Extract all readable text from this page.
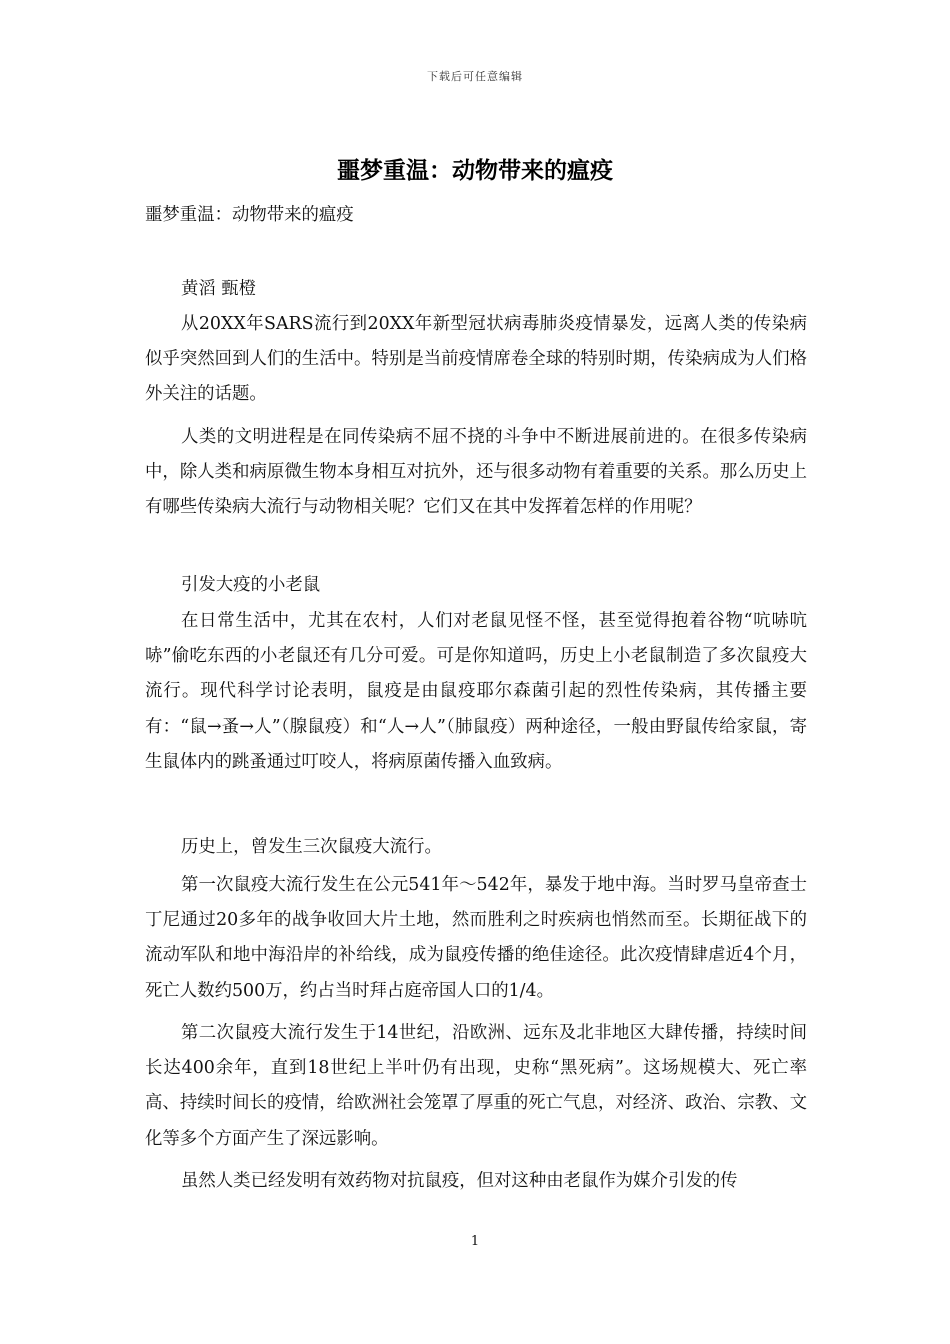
下载后可任意编辑
噩梦重温：动物带来的瘟疫
噩梦重温：动物带来的瘟疫

黄滔 甄橙

从20XX年SARS流行到20XX年新型冠状病毒肺炎疫情暴发，远离人类的传染病似乎突然回到人们的生活中。特别是当前疫情席卷全球的特别时期，传染病成为人们格外关注的话题。

人类的文明进程是在同传染病不屈不挠的斗争中不断进展前进的。在很多传染病中，除人类和病原微生物本身相互对抗外，还与很多动物有着重要的关系。那么历史上有哪些传染病大流行与动物相关呢？它们又在其中发挥着怎样的作用呢？

引发大疫的小老鼠

在日常生活中，尤其在农村，人们对老鼠见怪不怪，甚至觉得抱着谷物“吭哧吭哧”偷吃东西的小老鼠还有几分可爱。可是你知道吗，历史上小老鼠制造了多次鼠疫大流行。现代科学讨论表明，鼠疫是由鼠疫耶尔森菌引起的烈性传染病，其传播主要有：“鼠→蚤→人”（腺鼠疫）和“人→人”（肺鼠疫）两种途径，一般由野鼠传给家鼠，寄生鼠体内的跳蚤通过叮咬人，将病原菌传播入血致病。

历史上，曾发生三次鼠疫大流行。

第一次鼠疫大流行发生在公元541年～542年，暴发于地中海。当时罗马皇帝查士丁尼通过20多年的战争收回大片土地，然而胜利之时疾病也悄然而至。长期征战下的流动军队和地中海沿岸的补给线，成为鼠疫传播的绝佳途径。此次疫情肆虐近4个月，死亡人数约500万，约占当时拜占庭帝国人口的1/4。

第二次鼠疫大流行发生于14世纪，沿欧洲、远东及北非地区大肆传播，持续时间长达400余年，直到18世纪上半叶仍有出现，史称“黑死病”。这场规模大、死亡率高、持续时间长的疫情，给欧洲社会笼罩了厚重的死亡气息，对经济、政治、宗教、文化等多个方面产生了深远影响。

虽然人类已经发明有效药物对抗鼠疫，但对这种由老鼠作为媒介引发的传

1
